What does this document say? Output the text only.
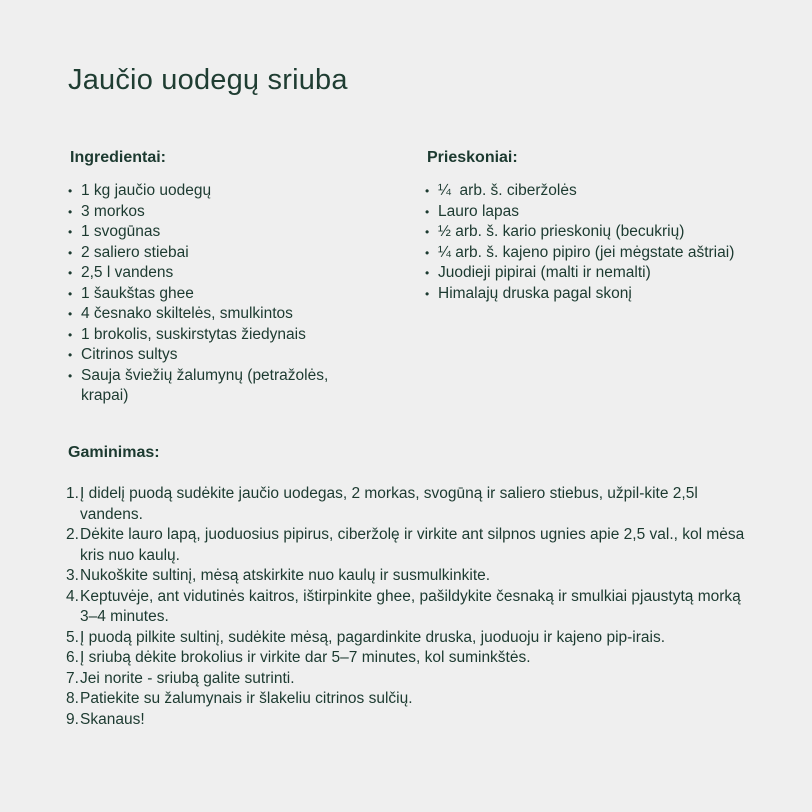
Jaučio uodegų sriuba
Ingredientai:
• 1 kg jaučio uodegų
• 3 morkos
• 1 svogūnas
• 2 saliero stiebai
• 2,5 l vandens
• 1 šaukštas ghee
• 4 česnako skiltelės, smulkintos
• 1 brokolis, suskirstytas žiedynais
• Citrinos sultys
• Sauja šviežių žalumynų (petražolės, krapai)
Prieskoniai:
• ¼  arb. š. ciberžolės
• Lauro lapas
• ½ arb. š. kario prieskonių (becukrių)
• ¼ arb. š. kajeno pipiro (jei mėgstate aštriai)
• Juodieji pipirai (malti ir nemalti)
• Himalajų druska pagal skonį
Gaminimas:
1. Į didelį puodą sudėkite jaučio uodegas, 2 morkas, svogūną ir saliero stiebus, užpil-kite 2,5l vandens.
2. Dėkite lauro lapą, juoduosius pipirus, ciberžolę ir virkite ant silpnos ugnies apie 2,5 val., kol mėsa kris nuo kaulų.
3. Nukoškite sultinį, mėsą atskirkite nuo kaulų ir susmulkinkite.
4. Keptuvėje, ant vidutinės kaitros, ištirpinkite ghee, pašildykite česnaką ir smulkiai pjaustytą morką 3–4 minutes.
5. Į puodą pilkite sultinį, sudėkite mėsą, pagardinkite druska, juoduoju ir kajeno pip-irais.
6. Į sriubą dėkite brokolius ir virkite dar 5–7 minutes, kol suminkštės.
7. Jei norite - sriubą galite sutrinti.
8. Patiekite su žalumynais ir šlakeliu citrinos sulčių.
9. Skanaus!
